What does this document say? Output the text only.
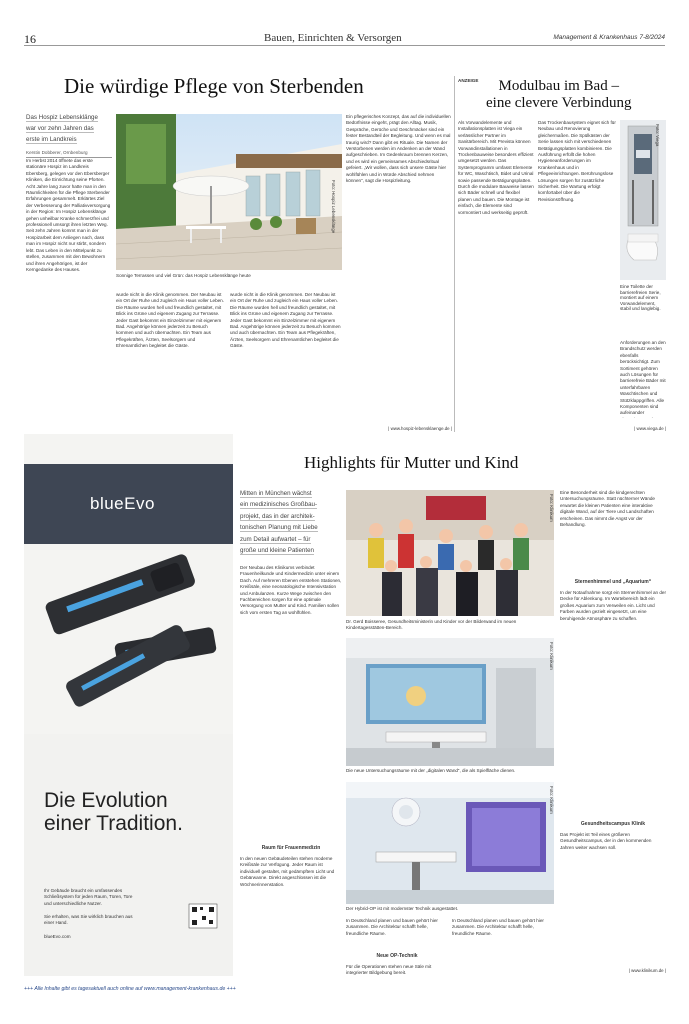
16	Bauen, Einrichten & Versorgen	Management & Krankenhaus 7-8/2024
Die würdige Pflege von Sterbenden
Das Hospiz Lebensklänge
war vor zehn Jahren das
erste im Landkreis
Kerstin Dobberer, Ornbenburg
Im Herbst 2014 öffnete das erste stationäre Hospiz im Landkreis Ebersberg, gelegen vor den Ebersberger Kliniken, die Einrichtung seine Pforten. Acht Jahre lang zuvor hatte man in den Räumlichkeiten für die Pflege Sterbender Erfahrungen gesammelt. Erklärtes Ziel der Verbesserung der Palliativversorgung in der Region: Im Hospiz Lebensklänge gehen unheilbar Kranke schmerzfrei und professionell umsorgt ihren letzten Weg. Seit zehn Jahren kommt man in der Hospizarbeit dem Anliegen nach, dass man im Hospiz nicht nur stirbt, sondern lebt. Das Leben in den Mittelpunkt zu stellen, zusammen mit den Bewohnern und ihren Angehörigen, ist der Kerngedanke des Hauses.
Foto: Hospiz Lebensklänge
Sonnige Terrassen und viel Grün: das Hospiz Lebensklänge heute
wurde nicht in die Klinik genommen. Der Neubau ist ein Ort der Ruhe und zugleich ein Haus voller Leben. Die Räume wurden hell und freundlich gestaltet, mit Blick ins Grüne und eigenem Zugang zur Terrasse. Jeder Gast bekommt ein Einzelzimmer mit eigenem Bad. Angehörige können jederzeit zu Besuch kommen und auch übernachten. Ein Team aus Pflegekräften, Ärzten, Seelsorgern und Ehrenamtlichen begleitet die Gäste.
wurde nicht in die Klinik genommen. Der Neubau ist ein Ort der Ruhe und zugleich ein Haus voller Leben. Die Räume wurden hell und freundlich gestaltet, mit Blick ins Grüne und eigenem Zugang zur Terrasse. Jeder Gast bekommt ein Einzelzimmer mit eigenem Bad. Angehörige können jederzeit zu Besuch kommen und auch übernachten. Ein Team aus Pflegekräften, Ärzten, Seelsorgern und Ehrenamtlichen begleitet die Gäste.
Ein pflegerisches Konzept, das auf die individuellen Bedürfnisse eingeht, prägt den Alltag. Musik, Gespräche, Gerüche und Geschmäcker sind ein fester Bestandteil der Begleitung. Und wenn es mal traurig wird? Dann gibt es Rituale. Die Namen der Verstorbenen werden im Andenken an der Wand aufgeschrieben. Im Gedenkraum brennen Kerzen, und es wird ein gemeinsames Abschiedsritual gefeiert. „Wir wollen, dass sich unsere Gäste hier wohlfühlen und in Würde Abschied nehmen können“, sagt die Hospizleitung.
| www.hospiz-lebensklaenge.de |
ANZEIGE	Modulbau im Bad –
eine clevere Verbindung
Als Vorwandelemente und Installationsplatten ist Viega ein verlässlicher Partner im Sanitärbereich. Mit Prevista können Vorwandinstallationen in Trockenbauweise besonders effizient umgesetzt werden. Das Systemprogramm umfasst Elemente für WC, Waschtisch, Bidet und Urinal sowie passende Betätigungsplatten. Durch die modulare Bauweise lassen sich Bäder schnell und flexibel planen und bauen. Die Montage ist einfach, die Elemente sind vormontiert und werkseitig geprüft.
Das Trockenbausystem eignet sich für Neubau und Renovierung gleichermaßen. Die Spülkästen der Serie lassen sich mit verschiedenen Betätigungsplatten kombinieren. Die Ausführung erfüllt die hohen Hygieneanforderungen im Krankenhaus und in Pflegeeinrichtungen. Berührungslose Lösungen sorgen für zusätzliche Sicherheit. Die Wartung erfolgt komfortabel über die Revisionsöffnung.
Foto: Viega
Eine Toilette der barrierefreien Serie, montiert auf einem Vorwandelement, stabil und langlebig.
Anforderungen an den Brandschutz werden ebenfalls berücksichtigt. Zum Sortiment gehören auch Lösungen für barrierefreie Bäder mit unterfahrbaren Waschtischen und Stützklappgriffen. Alle Komponenten sind aufeinander
| www.viega.de |
blueEvo
Die Evolution
einer Tradition.
Ihr Gebäude braucht ein umfassendes Schließsystem für jeden Raum, Türen, Tore und unterschiedliche Nutzer.
Sie erhalten, was Sie wirklich brauchen aus einer Hand.
blueEvo.com
Highlights für Mutter und Kind
Mitten in München wächst
ein medizinisches Großbau-
projekt, das in der architek-
tonischen Planung mit Liebe
zum Detail aufwartet – für
große und kleine Patienten
Der Neubau des Klinikums verbindet Frauenheilkunde und Kindermedizin unter einem Dach. Auf mehreren Ebenen entstehen Stationen, Kreißsäle, eine neonatologische Intensivstation und Ambulanzen. Kurze Wege zwischen den Fachbereichen sorgen für eine optimale Versorgung von Mutter und Kind. Familien sollen sich vom ersten Tag an wohlfühlen.
Raum für Frauenmedizin
In den neuen Gebäudeteilen stehen moderne Kreißsäle zur Verfügung. Jeder Raum ist individuell gestaltet, mit gedämpftem Licht und Gebärwanne. Direkt angeschlossen ist die Wöchnerinnenstation.
Foto: Klinikum
Dr. Gerd Boisseree, Gesundheitsministerin und Kinder vor der Bilderwand im neuen Kindertagesstätten-Bereich.
Foto: Klinikum
Die neue Untersuchungsräume mit der „digitalen Wand“, die als Spielfläche dienen.
Foto: Klinikum
Der Hybrid-OP ist mit modernster Technik ausgestattet.
In Deutschland planen und bauen gehört hier zusammen. Die Architektur schafft helle, freundliche Räume.
Neue OP-Technik
Für die Operationen stehen neue Säle mit integrierter Bildgebung bereit.
In Deutschland planen und bauen gehört hier zusammen. Die Architektur schafft helle, freundliche Räume.
Eine Besonderheit sind die kindgerechten Untersuchungsräume. Statt nüchterner Wände erwartet die kleinen Patienten eine interaktive digitale Wand, auf der Tiere und Landschaften erscheinen. Das nimmt die Angst vor der Behandlung.
Sternenhimmel und „Aquarium“
In der Notaufnahme sorgt ein Sternenhimmel an der Decke für Ablenkung. Im Wartebereich lädt ein großes Aquarium zum Verweilen ein. Licht und Farben wurden gezielt eingesetzt, um eine beruhigende Atmosphäre zu schaffen.
Gesundheitscampus Klinik
Das Projekt ist Teil eines größeren Gesundheitscampus, der in den kommenden Jahren weiter wachsen soll.
| www.klinikum.de |
+++ Alle Inhalte gibt es tagesaktuell auch online auf www.management-krankenhaus.de +++
